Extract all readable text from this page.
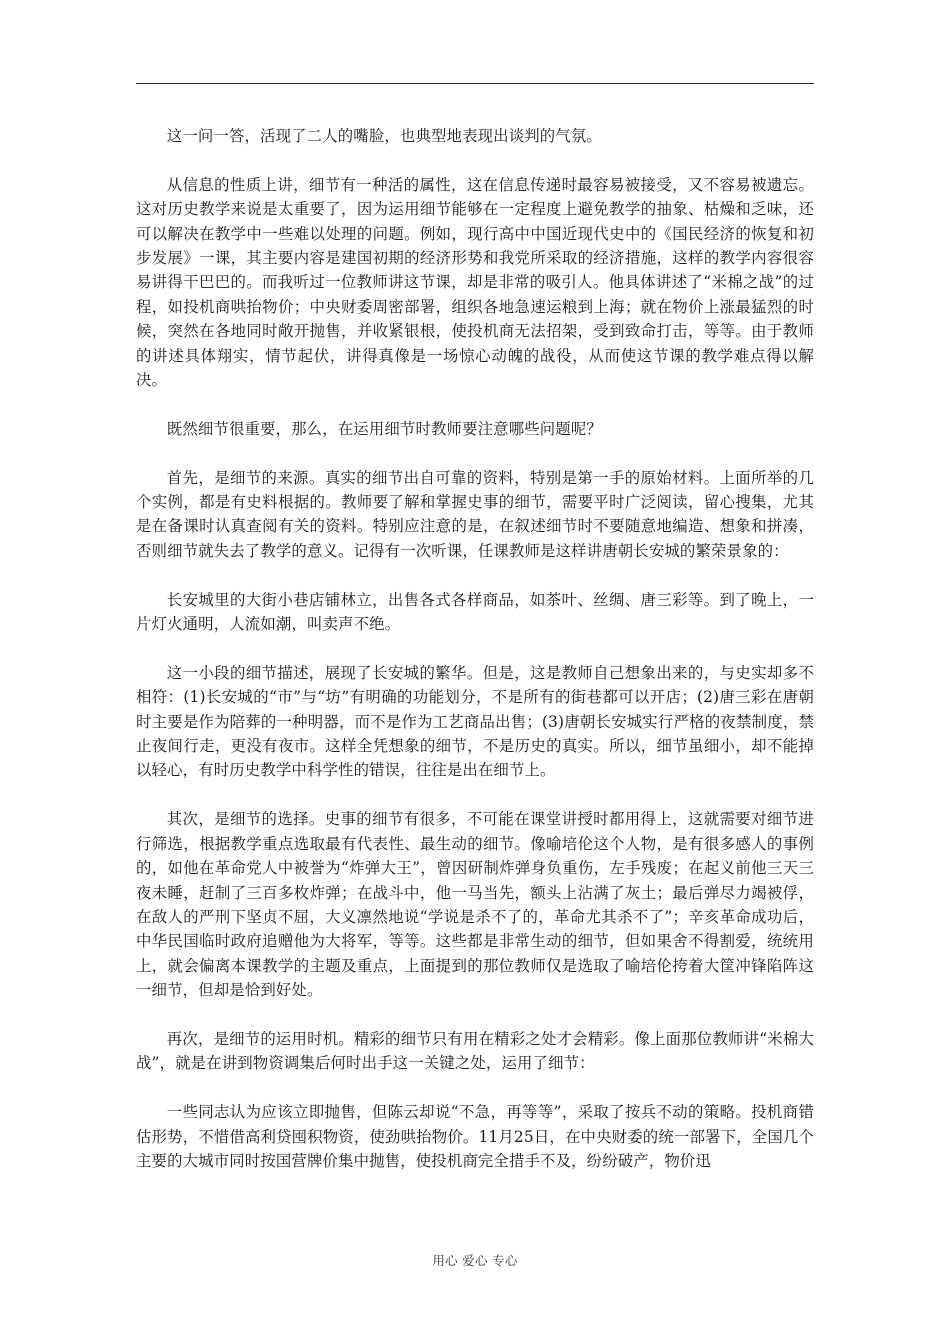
这一问一答，活现了二人的嘴脸，也典型地表现出谈判的气氛。

从信息的性质上讲，细节有一种活的属性，这在信息传递时最容易被接受，又不容易被遗忘。这对历史教学来说是太重要了，因为运用细节能够在一定程度上避免教学的抽象、枯燥和乏味，还可以解决在教学中一些难以处理的问题。例如，现行高中中国近现代史中的《国民经济的恢复和初步发展》一课，其主要内容是建国初期的经济形势和我党所采取的经济措施，这样的教学内容很容易讲得干巴巴的。而我听过一位教师讲这节课，却是非常的吸引人。他具体讲述了“米棉之战”的过程，如投机商哄抬物价；中央财委周密部署，组织各地急速运粮到上海；就在物价上涨最猛烈的时候，突然在各地同时敞开抛售，并收紧银根，使投机商无法招架，受到致命打击，等等。由于教师的讲述具体翔实，情节起伏，讲得真像是一场惊心动魄的战役，从而使这节课的教学难点得以解决。

既然细节很重要，那么，在运用细节时教师要注意哪些问题呢？

首先，是细节的来源。真实的细节出自可靠的资料，特别是第一手的原始材料。上面所举的几个实例，都是有史料根据的。教师要了解和掌握史事的细节，需要平时广泛阅读，留心搜集，尤其是在备课时认真查阅有关的资料。特别应注意的是，在叙述细节时不要随意地编造、想象和拼凑，否则细节就失去了教学的意义。记得有一次听课，任课教师是这样讲唐朝长安城的繁荣景象的：

长安城里的大街小巷店铺林立，出售各式各样商品，如茶叶、丝绸、唐三彩等。到了晚上，一片灯火通明，人流如潮，叫卖声不绝。

这一小段的细节描述，展现了长安城的繁华。但是，这是教师自己想象出来的，与史实却多不相符：(1)长安城的“市”与“坊”有明确的功能划分，不是所有的街巷都可以开店；(2)唐三彩在唐朝时主要是作为陪葬的一种明器，而不是作为工艺商品出售；(3)唐朝长安城实行严格的夜禁制度，禁止夜间行走，更没有夜市。这样全凭想象的细节，不是历史的真实。所以，细节虽细小，却不能掉以轻心，有时历史教学中科学性的错误，往往是出在细节上。

其次，是细节的选择。史事的细节有很多，不可能在课堂讲授时都用得上，这就需要对细节进行筛选，根据教学重点选取最有代表性、最生动的细节。像喻培伦这个人物，是有很多感人的事例的，如他在革命党人中被誉为“炸弹大王”，曾因研制炸弹身负重伤，左手残废；在起义前他三天三夜未睡，赶制了三百多枚炸弹；在战斗中，他一马当先，额头上沾满了灰土；最后弹尽力竭被俘，在敌人的严刑下坚贞不屈，大义凛然地说“学说是杀不了的，革命尤其杀不了”；辛亥革命成功后，中华民国临时政府追赠他为大将军，等等。这些都是非常生动的细节，但如果舍不得割爱，统统用上，就会偏离本课教学的主题及重点，上面提到的那位教师仅是选取了喻培伦挎着大筐冲锋陷阵这一细节，但却是恰到好处。

再次，是细节的运用时机。精彩的细节只有用在精彩之处才会精彩。像上面那位教师讲“米棉大战”，就是在讲到物资调集后何时出手这一关键之处，运用了细节：

一些同志认为应该立即抛售，但陈云却说“不急，再等等”，采取了按兵不动的策略。投机商错估形势，不惜借高利贷囤积物资，使劲哄抬物价。11月25日，在中央财委的统一部署下，全国几个主要的大城市同时按国营牌价集中抛售，使投机商完全措手不及，纷纷破产，物价迅

用心 爱心 专心
